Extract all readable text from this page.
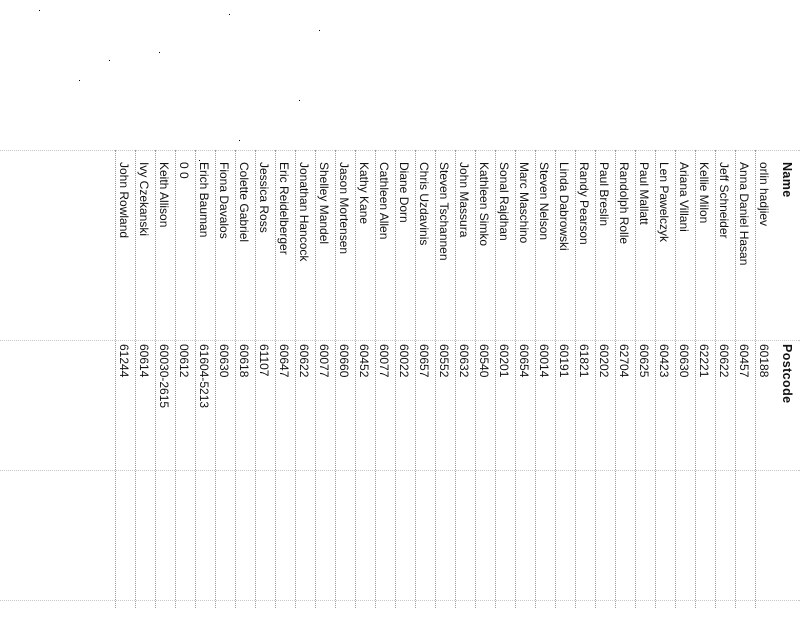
Name
Postcode
orlin hadjiev
60188
Anna Daniel Hasan
60457
Jeff Schneider
60622
Kellie Milon
62221
Ariana Villani
60630
Len Pawelczyk
60423
Paul Mallatt
60625
Randolph Rolle
62704
Paul Breslin
60202
Randy Pearson
61821
Linda Dabrowski
60191
Steven Nelson
60014
Marc Maschino
60654
Sonal Rajdhan
60201
Kathleen Simko
60540
John Massura
60632
Steven Tschannen
60552
Chris Uzdavinis
60657
Diane Dorn
60022
Cathleen Allen
60077
Kathy Kane
60452
Jason Mortensen
60660
Shelley Mandel
60077
Jonathan Hancock
60622
Eric Reidelberger
60647
Jessica Ross
61107
Colette Gabriel
60618
Fiona Davalos
60630
Erich Bauman
61604-5213
0 0
00612
Keith Allison
60030-2615
Ivy Czekanski
60614
John Rowland
61244
